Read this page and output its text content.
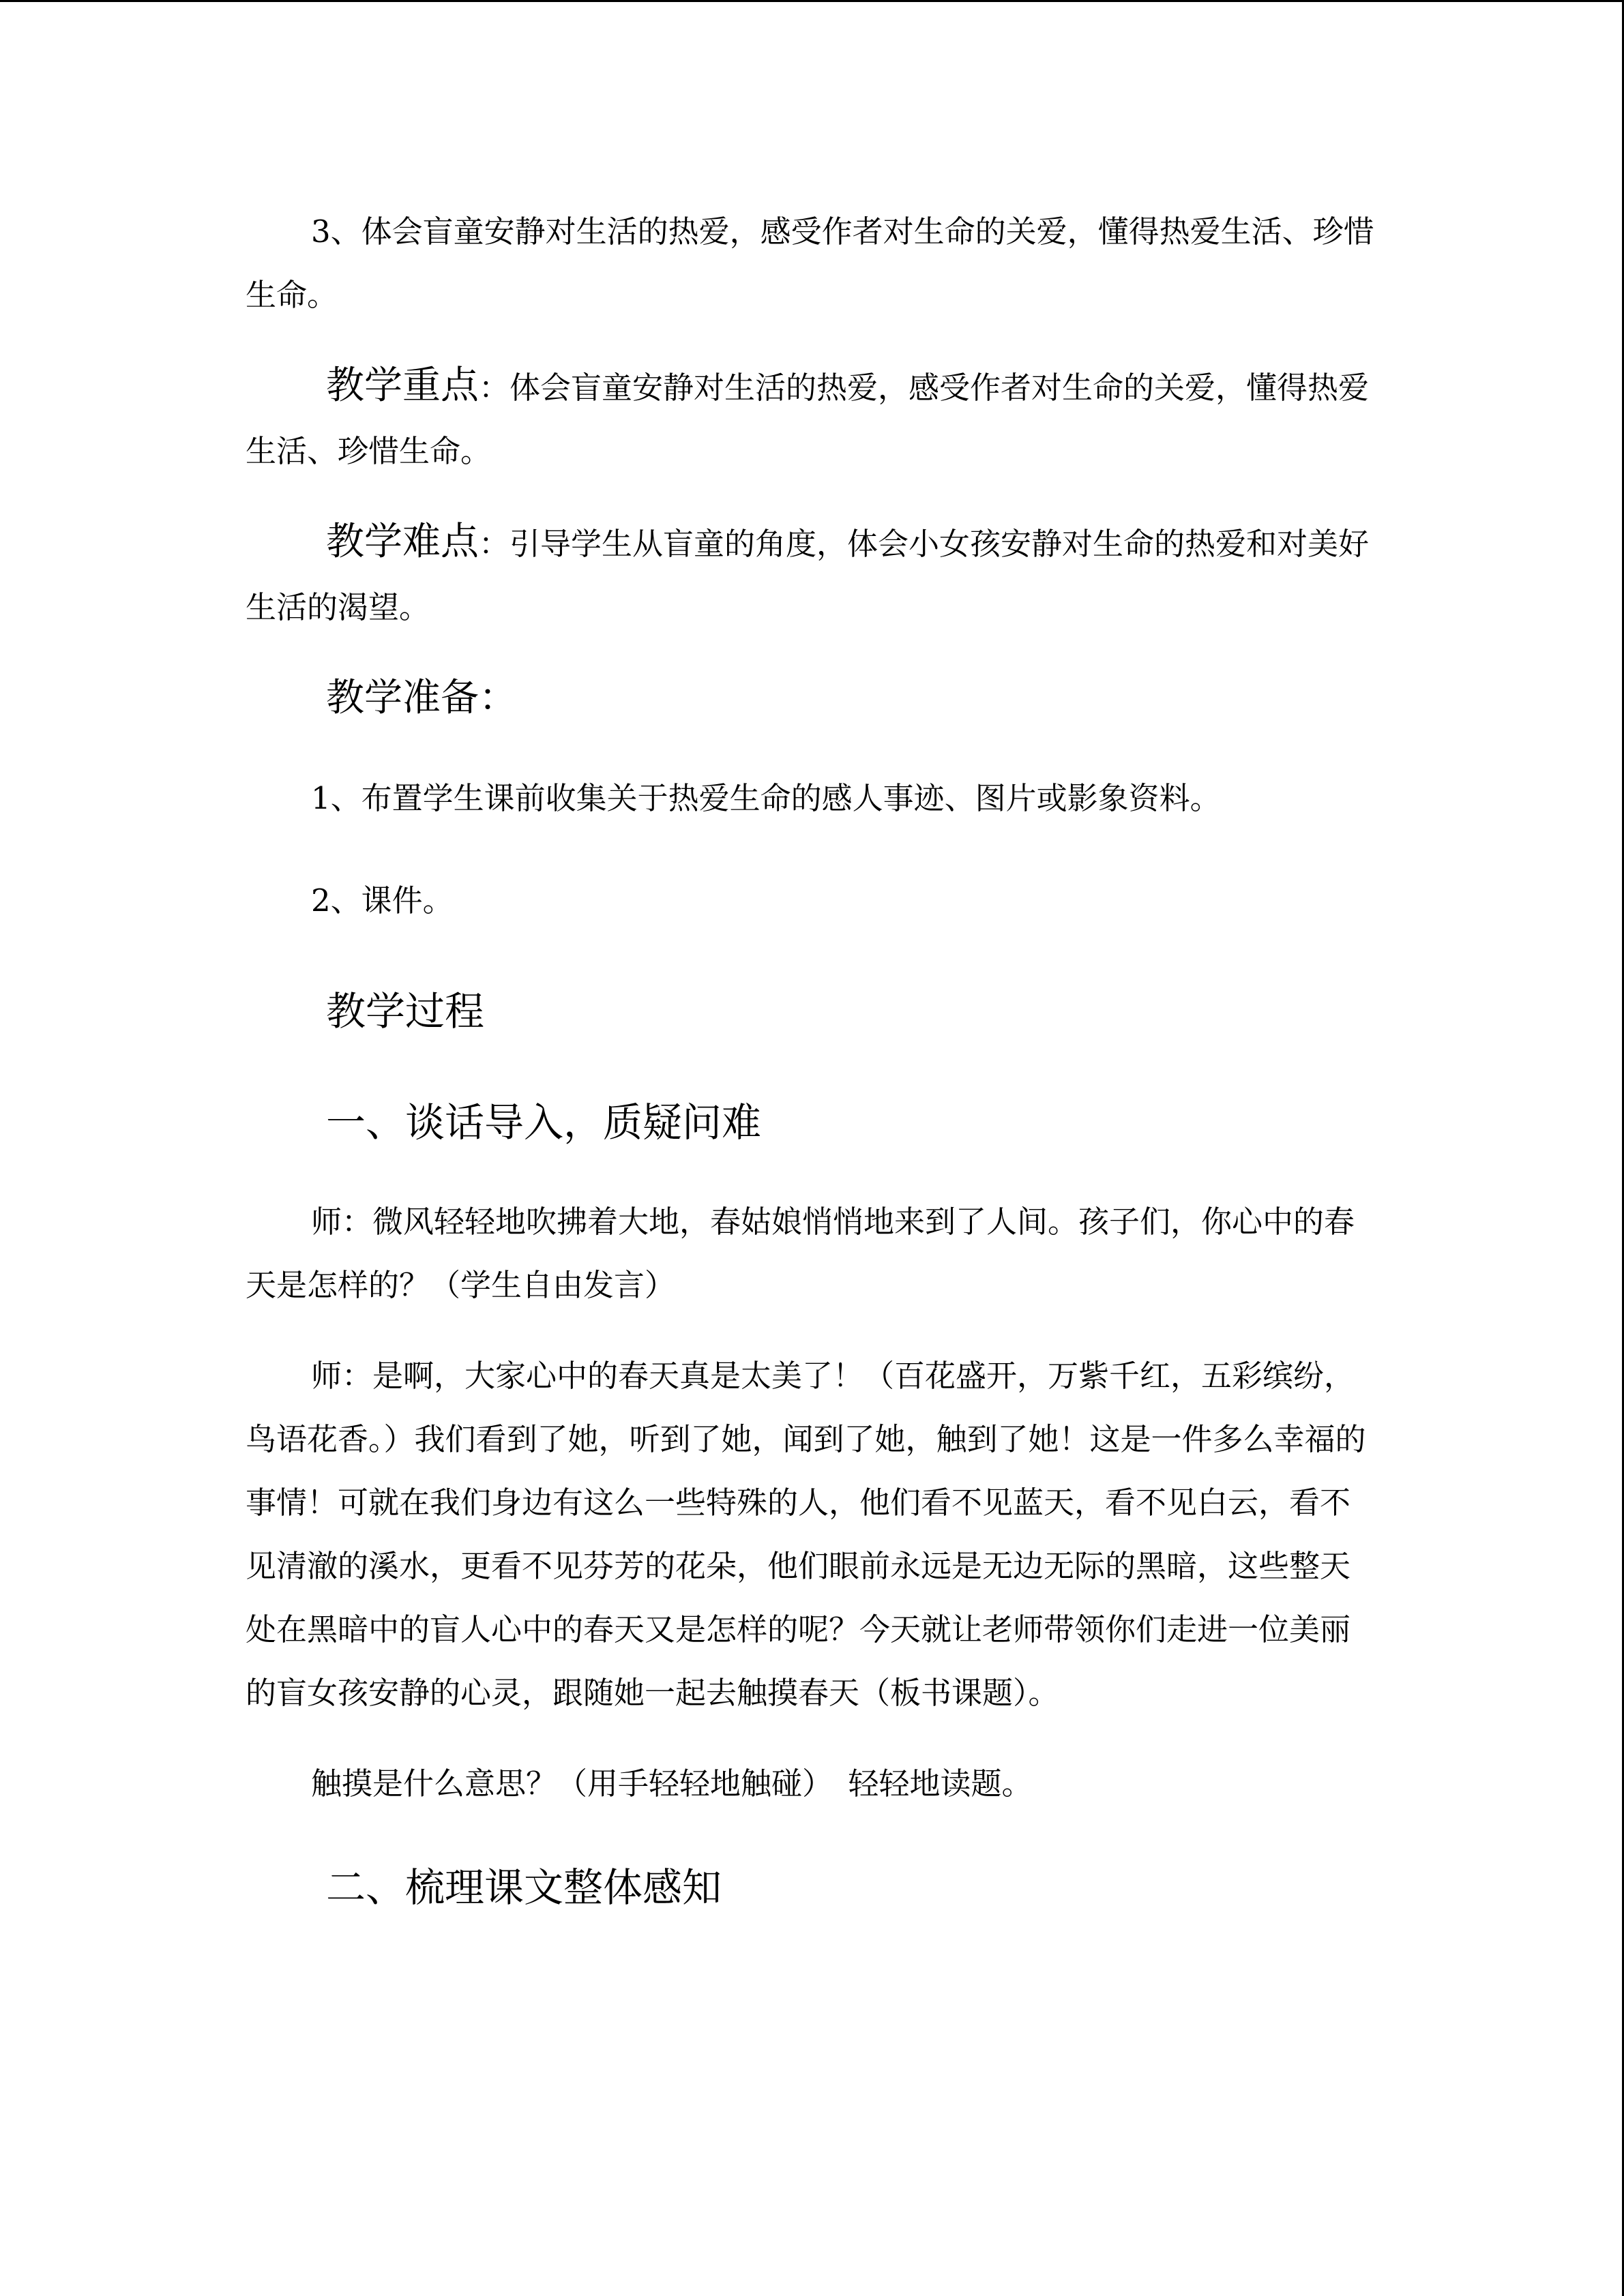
3、体会盲童安静对生活的热爱，感受作者对生命的关爱，懂得热爱生活、珍惜生命。

教学重点：体会盲童安静对生活的热爱，感受作者对生命的关爱，懂得热爱生活、珍惜生命。

教学难点：引导学生从盲童的角度，体会小女孩安静对生命的热爱和对美好生活的渴望。

教学准备：

1、布置学生课前收集关于热爱生命的感人事迹、图片或影象资料。

2、课件。

教学过程

一、谈话导入，质疑问难

师：微风轻轻地吹拂着大地，春姑娘悄悄地来到了人间。孩子们，你心中的春天是怎样的？（学生自由发言）

师：是啊，大家心中的春天真是太美了！（百花盛开，万紫千红，五彩缤纷，鸟语花香。）我们看到了她，听到了她，闻到了她，触到了她！这是一件多么幸福的事情！可就在我们身边有这么一些特殊的人，他们看不见蓝天，看不见白云，看不见清澈的溪水，更看不见芬芳的花朵，他们眼前永远是无边无际的黑暗，这些整天处在黑暗中的盲人心中的春天又是怎样的呢？今天就让老师带领你们走进一位美丽的盲女孩安静的心灵，跟随她一起去触摸春天（板书课题）。

触摸是什么意思？（用手轻轻地触碰）　轻轻地读题。

二、梳理课文整体感知
